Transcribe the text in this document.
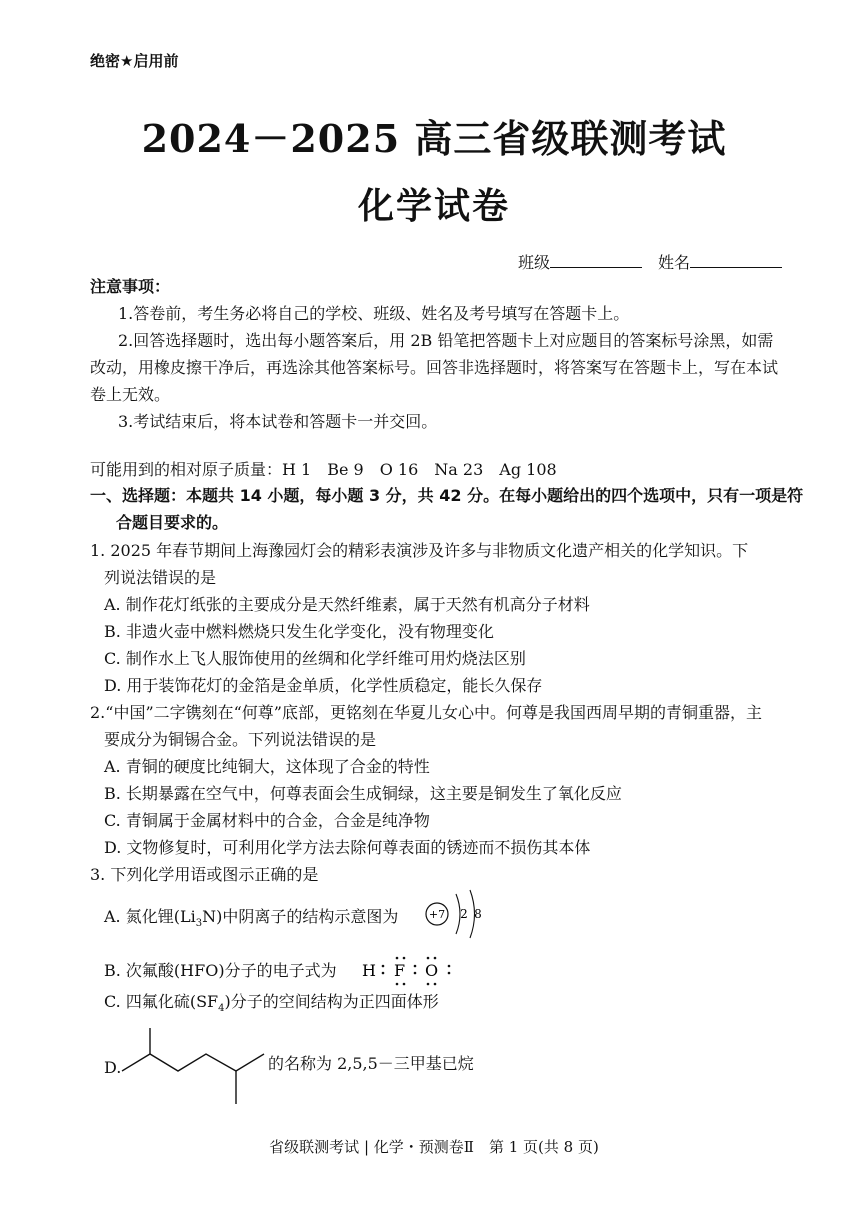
绝密★启用前
2024－2025 高三省级联测考试
化学试卷
班级	姓名
注意事项：
1.答卷前，考生务必将自己的学校、班级、姓名及考号填写在答题卡上。
2.回答选择题时，选出每小题答案后，用 2B 铅笔把答题卡上对应题目的答案标号涂黑，如需
改动，用橡皮擦干净后，再选涂其他答案标号。回答非选择题时，将答案写在答题卡上，写在本试
卷上无效。
3.考试结束后，将本试卷和答题卡一并交回。
可能用到的相对原子质量：H 1　Be 9　O 16　Na 23　Ag 108
一、选择题：本题共 14 小题，每小题 3 分，共 42 分。在每小题给出的四个选项中，只有一项是符
合题目要求的。
1. 2025 年春节期间上海豫园灯会的精彩表演涉及许多与非物质文化遗产相关的化学知识。下
列说法错误的是
A. 制作花灯纸张的主要成分是天然纤维素，属于天然有机高分子材料
B. 非遗火壶中燃料燃烧只发生化学变化，没有物理变化
C. 制作水上飞人服饰使用的丝绸和化学纤维可用灼烧法区别
D. 用于装饰花灯的金箔是金单质，化学性质稳定，能长久保存
2.“中国”二字镌刻在“何尊”底部，更铭刻在华夏儿女心中。何尊是我国西周早期的青铜重器，主
要成分为铜锡合金。下列说法错误的是
A. 青铜的硬度比纯铜大，这体现了合金的特性
B. 长期暴露在空气中，何尊表面会生成铜绿，这主要是铜发生了氧化反应
C. 青铜属于金属材料中的合金，合金是纯净物
D. 文物修复时，可利用化学方法去除何尊表面的锈迹而不损伤其本体
3. 下列化学用语或图示正确的是
A. 氮化锂$(Li_3N)$中阴离子的结构示意图为	+7 2 8
B. 次氟酸(HFO)分子的电子式为 H F O
C. 四氟化硫$(SF_4)$分子的空间结构为正四面体形
D.	的名称为 2,5,5－三甲基已烷
省级联测考试 | 化学・预测卷Ⅱ　第 1 页(共 8 页)
